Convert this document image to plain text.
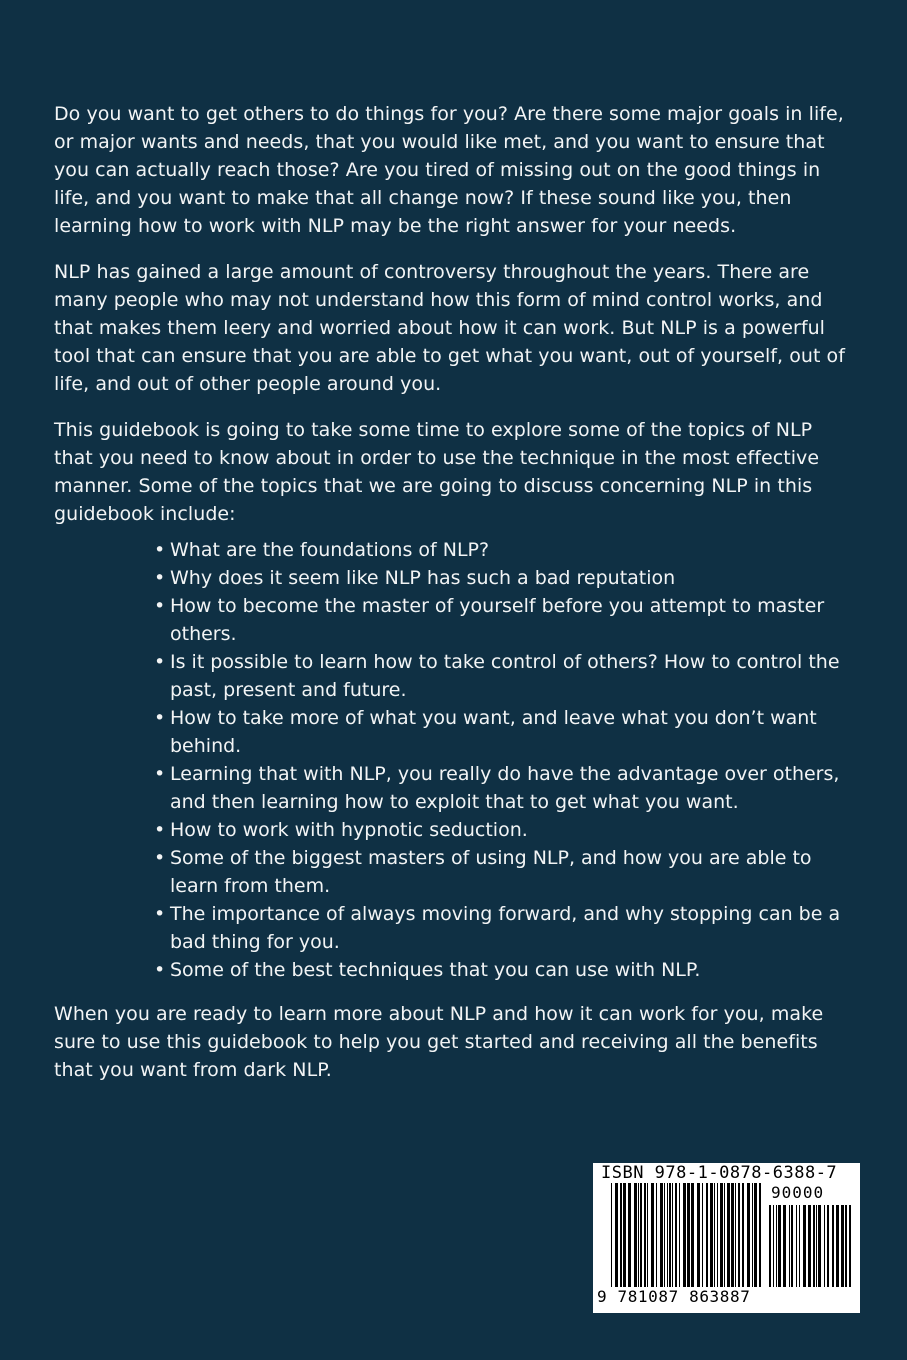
Do you want to get others to do things for you? Are there some major goals in life, or major wants and needs, that you would like met, and you want to ensure that you can actually reach those? Are you tired of missing out on the good things in life, and you want to make that all change now? If these sound like you, then learning how to work with NLP may be the right answer for your needs.

NLP has gained a large amount of controversy throughout the years. There are many people who may not understand how this form of mind control works, and that makes them leery and worried about how it can work. But NLP is a powerful tool that can ensure that you are able to get what you want, out of yourself, out of life, and out of other people around you.

This guidebook is going to take some time to explore some of the topics of NLP that you need to know about in order to use the technique in the most effective manner. Some of the topics that we are going to discuss concerning NLP in this guidebook include:

• What are the foundations of NLP?
• Why does it seem like NLP has such a bad reputation
• How to become the master of yourself before you attempt to master others.
• Is it possible to learn how to take control of others? How to control the past, present and future.
• How to take more of what you want, and leave what you don’t want behind.
• Learning that with NLP, you really do have the advantage over others, and then learning how to exploit that to get what you want.
• How to work with hypnotic seduction.
• Some of the biggest masters of using NLP, and how you are able to learn from them.
• The importance of always moving forward, and why stopping can be a bad thing for you.
• Some of the best techniques that you can use with NLP.

When you are ready to learn more about NLP and how it can work for you, make sure to use this guidebook to help you get started and receiving all the benefits that you want from dark NLP.

ISBN 978-1-0878-6388-7
90000
9 781087 863887
